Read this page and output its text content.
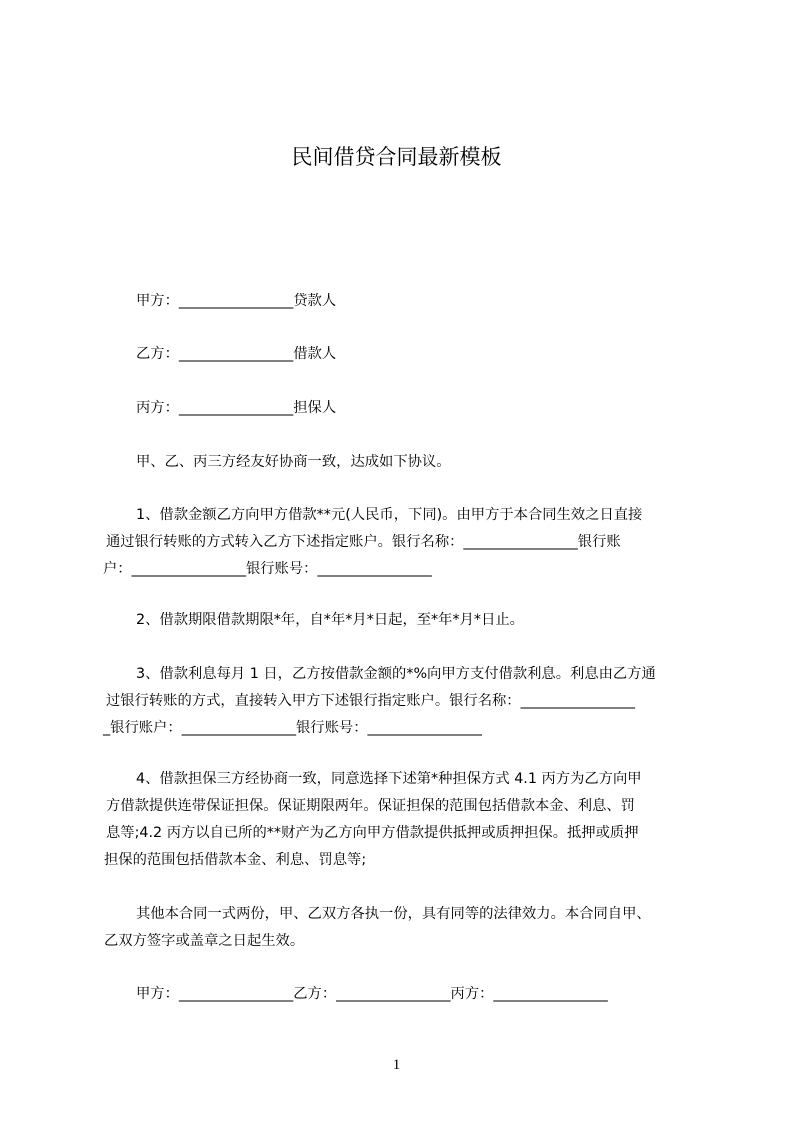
民间借贷合同最新模板
甲方：________________贷款人
乙方：________________借款人
丙方：________________担保人
甲、乙、丙三方经友好协商一致，达成如下协议。
1、借款金额乙方向甲方借款**元(人民币，下同)。由甲方于本合同生效之日直接
通过银行转账的方式转入乙方下述指定账户。银行名称：________________银行账
户：________________银行账号：________________
2、借款期限借款期限*年，自*年*月*日起，至*年*月*日止。
3、借款利息每月 1 日，乙方按借款金额的*%向甲方支付借款利息。利息由乙方通
过银行转账的方式，直接转入甲方下述银行指定账户。银行名称：________________
_银行账户：________________银行账号：________________
4、借款担保三方经协商一致，同意选择下述第*种担保方式 4.1 丙方为乙方向甲
方借款提供连带保证担保。保证期限两年。保证担保的范围包括借款本金、利息、罚
息等;4.2 丙方以自已所的**财产为乙方向甲方借款提供抵押或质押担保。抵押或质押
担保的范围包括借款本金、利息、罚息等;
其他本合同一式两份，甲、乙双方各执一份，具有同等的法律效力。本合同自甲、
乙双方签字或盖章之日起生效。
甲方：________________乙方：________________丙方：________________
1
